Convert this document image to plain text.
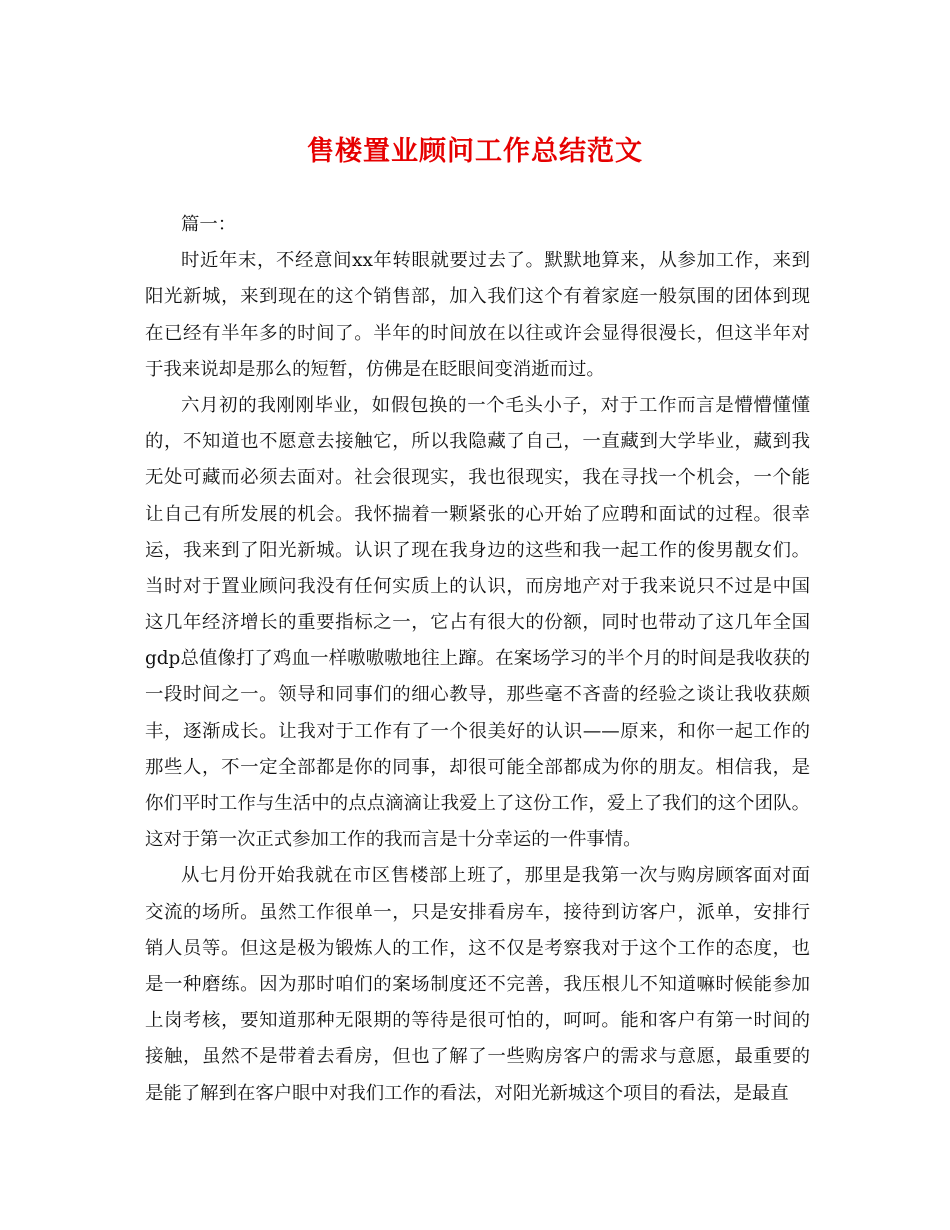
售楼置业顾问工作总结范文
篇一：
时近年末，不经意间xx年转眼就要过去了。默默地算来，从参加工作，来到
阳光新城，来到现在的这个销售部，加入我们这个有着家庭一般氛围的团体到现
在已经有半年多的时间了。半年的时间放在以往或许会显得很漫长，但这半年对
于我来说却是那么的短暂，仿佛是在眨眼间变消逝而过。
六月初的我刚刚毕业，如假包换的一个毛头小子，对于工作而言是懵懵懂懂
的，不知道也不愿意去接触它，所以我隐藏了自己，一直藏到大学毕业，藏到我
无处可藏而必须去面对。社会很现实，我也很现实，我在寻找一个机会，一个能
让自己有所发展的机会。我怀揣着一颗紧张的心开始了应聘和面试的过程。很幸
运，我来到了阳光新城。认识了现在我身边的这些和我一起工作的俊男靓女们。
当时对于置业顾问我没有任何实质上的认识，而房地产对于我来说只不过是中国
这几年经济增长的重要指标之一，它占有很大的份额，同时也带动了这几年全国
gdp总值像打了鸡血一样嗷嗷嗷地往上蹿。在案场学习的半个月的时间是我收获的
一段时间之一。领导和同事们的细心教导，那些毫不吝啬的经验之谈让我收获颇
丰，逐渐成长。让我对于工作有了一个很美好的认识——原来，和你一起工作的
那些人，不一定全部都是你的同事，却很可能全部都成为你的朋友。相信我，是
你们平时工作与生活中的点点滴滴让我爱上了这份工作，爱上了我们的这个团队。
这对于第一次正式参加工作的我而言是十分幸运的一件事情。
从七月份开始我就在市区售楼部上班了，那里是我第一次与购房顾客面对面
交流的场所。虽然工作很单一，只是安排看房车，接待到访客户，派单，安排行
销人员等。但这是极为锻炼人的工作，这不仅是考察我对于这个工作的态度，也
是一种磨练。因为那时咱们的案场制度还不完善，我压根儿不知道嘛时候能参加
上岗考核，要知道那种无限期的等待是很可怕的，呵呵。能和客户有第一时间的
接触，虽然不是带着去看房，但也了解了一些购房客户的需求与意愿，最重要的
是能了解到在客户眼中对我们工作的看法，对阳光新城这个项目的看法，是最直
